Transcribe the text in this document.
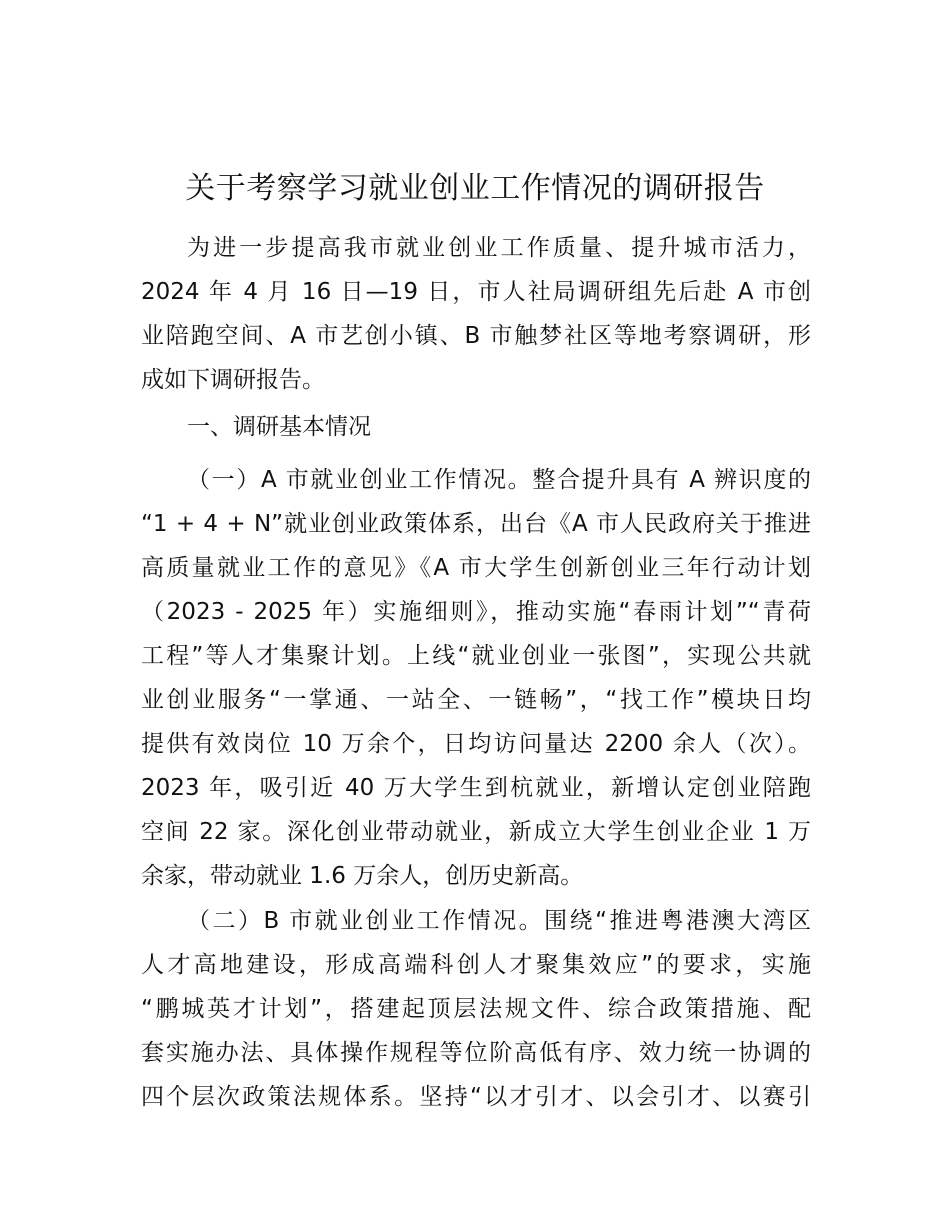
关于考察学习就业创业工作情况的调研报告
为进一步提高我市就业创业工作质量、提升城市活力，
2024 年 4 月 16 日—19 日，市人社局调研组先后赴 A 市创
业陪跑空间、A 市艺创小镇、B 市触梦社区等地考察调研，形
成如下调研报告。
一、调研基本情况
（一）A 市就业创业工作情况。整合提升具有 A 辨识度的
“1 + 4 + N”就业创业政策体系，出台《A 市人民政府关于推进
高质量就业工作的意见》《A 市大学生创新创业三年行动计划
（2023 - 2025 年）实施细则》，推动实施“春雨计划”“青荷
工程”等人才集聚计划。上线“就业创业一张图”，实现公共就
业创业服务“一掌通、一站全、一链畅”，“找工作”模块日均
提供有效岗位 10 万余个，日均访问量达 2200 余人（次）。
2023 年，吸引近 40 万大学生到杭就业，新增认定创业陪跑
空间 22 家。深化创业带动就业，新成立大学生创业企业 1 万
余家，带动就业 1.6 万余人，创历史新高。
（二）B 市就业创业工作情况。围绕“推进粤港澳大湾区
人才高地建设，形成高端科创人才聚集效应”的要求，实施
“鹏城英才计划”，搭建起顶层法规文件、综合政策措施、配
套实施办法、具体操作规程等位阶高低有序、效力统一协调的
四个层次政策法规体系。坚持“以才引才、以会引才、以赛引
